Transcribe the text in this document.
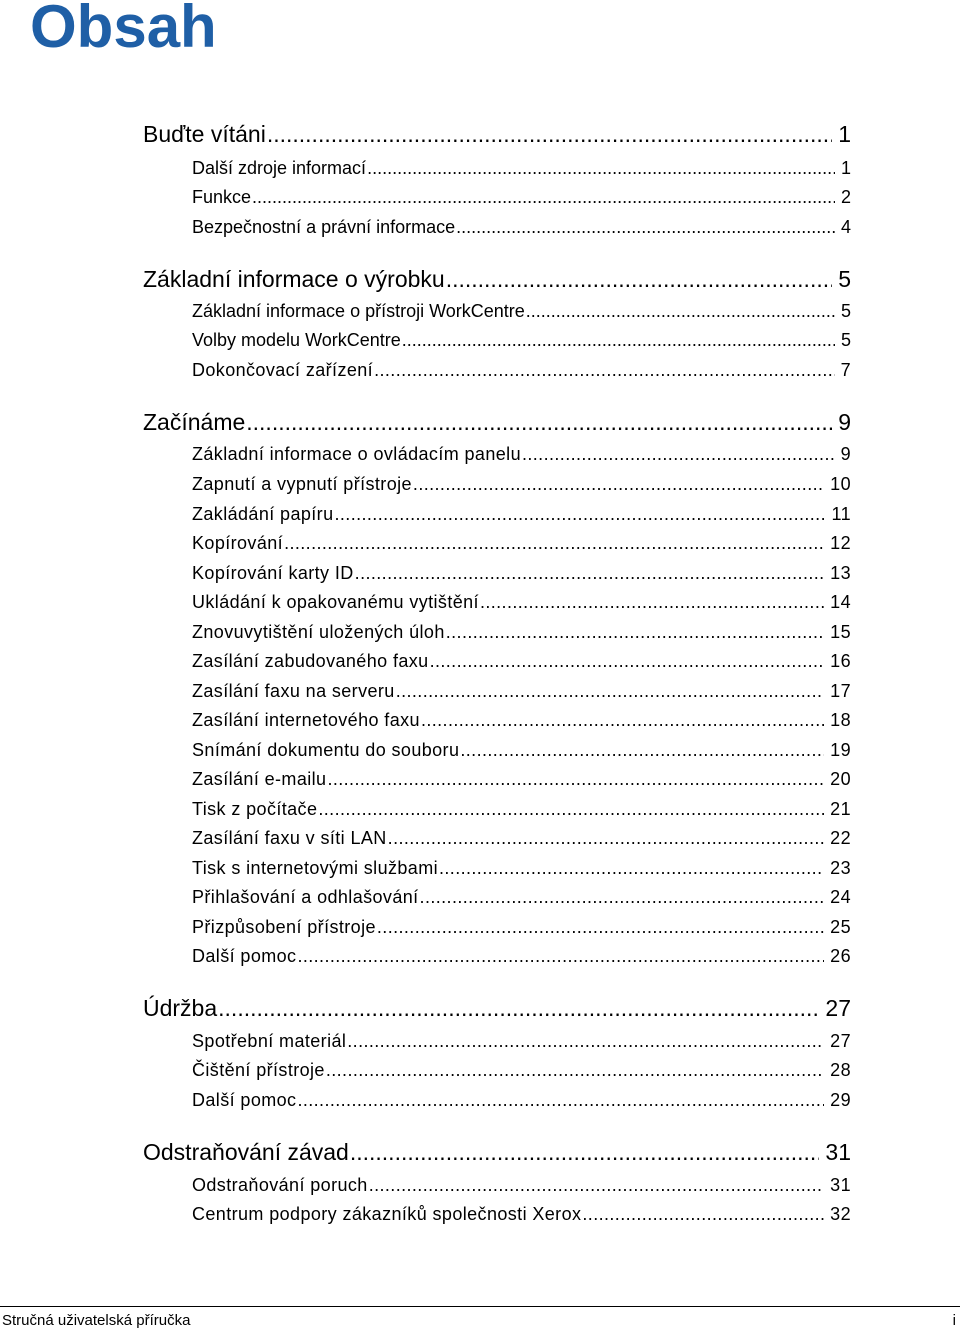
Obsah
Buďte vítáni .....	1
Další zdroje informací .....	1
Funkce .....	2
Bezpečnostní a právní informace .....	4
Základní informace o výrobku .....	5
Základní informace o přístroji WorkCentre .....	5
Volby modelu WorkCentre .....	5
Dokončovací zařízení .....	7
Začínáme .....	9
Základní informace o ovládacím panelu .....	9
Zapnutí a vypnutí přístroje .....	10
Zakládání papíru .....	11
Kopírování .....	12
Kopírování karty ID .....	13
Ukládání k opakovanému vytištění .....	14
Znovuvytištění uložených úloh .....	15
Zasílání zabudovaného faxu .....	16
Zasílání faxu na serveru .....	17
Zasílání internetového faxu .....	18
Snímání dokumentu do souboru .....	19
Zasílání e-mailu .....	20
Tisk z počítače .....	21
Zasílání faxu v síti LAN .....	22
Tisk s internetovými službami .....	23
Přihlašování a odhlašování .....	24
Přizpůsobení přístroje .....	25
Další pomoc .....	26
Údržba .....	27
Spotřební materiál .....	27
Čištění přístroje .....	28
Další pomoc .....	29
Odstraňování závad .....	31
Odstraňování poruch .....	31
Centrum podpory zákazníků společnosti Xerox .....	32
Stručná uživatelská příručka	i
